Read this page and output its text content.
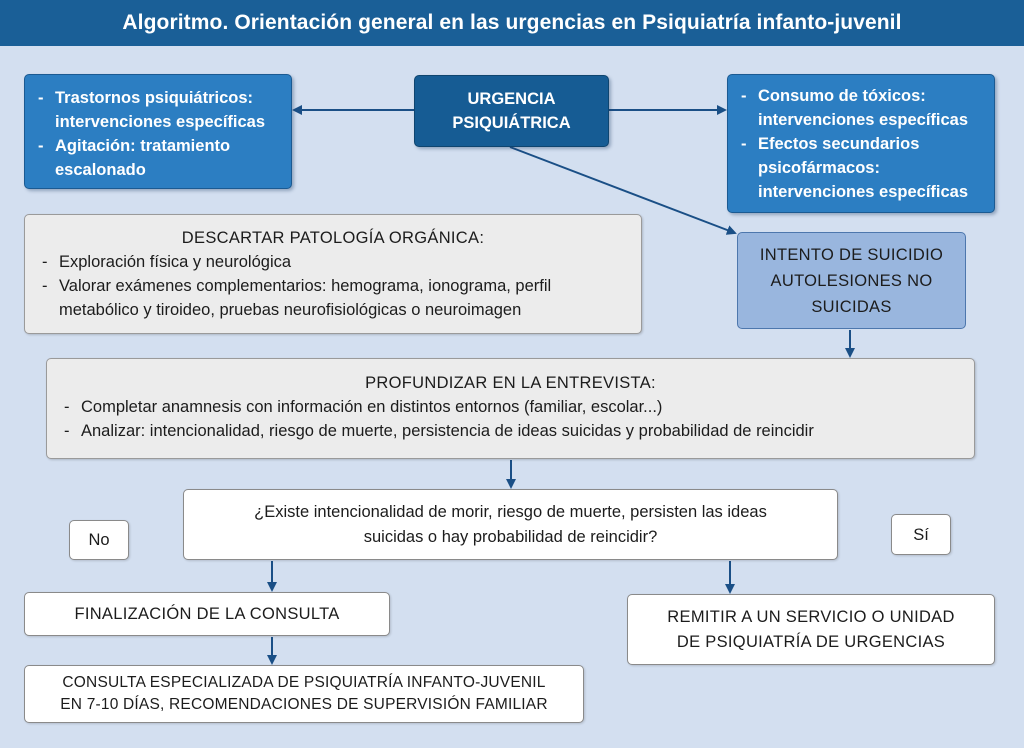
Algoritmo. Orientación general en las urgencias en Psiquiatría infanto-juvenil
- Trastornos psiquiátricos:
intervenciones específicas
- Agitación: tratamiento
escalonado
URGENCIA
PSIQUIÁTRICA
- Consumo de tóxicos:
intervenciones específicas
- Efectos secundarios
psicofármacos:
intervenciones específicas
DESCARTAR PATOLOGÍA ORGÁNICA:
- Exploración física y neurológica
- Valorar exámenes complementarios: hemograma, ionograma, perfil
metabólico y tiroideo, pruebas neurofisiológicas o neuroimagen
INTENTO DE SUICIDIO
AUTOLESIONES NO
SUICIDAS
PROFUNDIZAR EN LA ENTREVISTA:
- Completar anamnesis con información en distintos entornos (familiar, escolar...)
- Analizar: intencionalidad, riesgo de muerte, persistencia de ideas suicidas y probabilidad de reincidir
¿Existe intencionalidad de morir, riesgo de muerte, persisten las ideas
suicidas o hay probabilidad de reincidir?
No	Sí
FINALIZACIÓN DE LA CONSULTA	REMITIR A UN SERVICIO O UNIDAD
DE PSIQUIATRÍA DE URGENCIAS
CONSULTA ESPECIALIZADA DE PSIQUIATRÍA INFANTO-JUVENIL
EN 7-10 DÍAS, RECOMENDACIONES DE SUPERVISIÓN FAMILIAR
